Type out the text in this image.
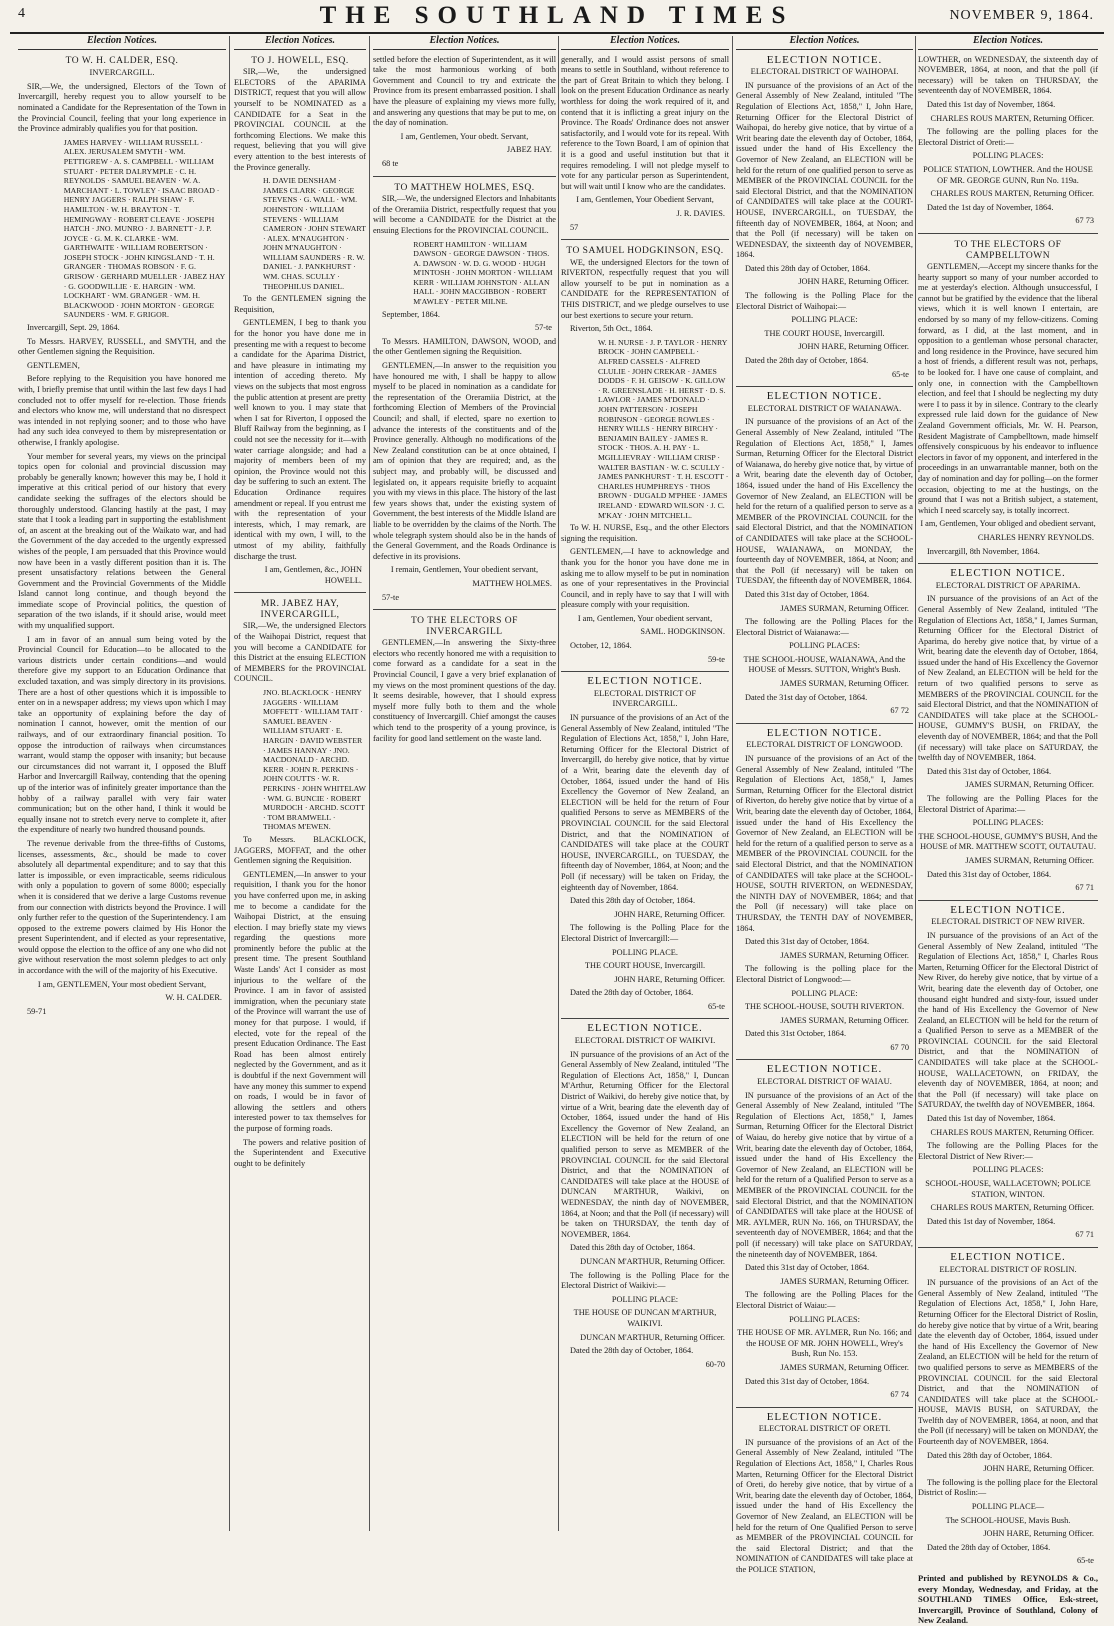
4	THE SOUTHLAND TIMES	NOVEMBER 9, 1864.
Election Notices.
TO W. H. CALDER, ESQ.
INVERCARGILL.
SIR,—We, the undersigned, Electors of the Town of Invercargill, hereby request you to allow yourself to be nominated a Candidate for the Representation of the Town in the Provincial Council, feeling that your long experience in the Province admirably qualifies you for that position.
JAMES HARVEY · WILLIAM RUSSELL · ALEX. JERUSALEM SMYTH · WM. PETTIGREW · A. S. CAMPBELL · WILLIAM STUART · PETER DALRYMPLE · C. H. REYNOLDS · SAMUEL BEAVEN · W. A. MARCHANT · L. TOWLEY · ISAAC BROAD · HENRY JAGGERS · RALPH SHAW · F. HAMILTON · W. H. BRAYTON · T. HEMINGWAY · ROBERT CLEAVE · JOSEPH HATCH · JNO. MUNRO · J. BARNETT · J. P. JOYCE · G. M. K. CLARKE · WM. GARTHWAITE · WILLIAM ROBERTSON · JOSEPH STOCK · JOHN KINGSLAND · T. H. GRANGER · THOMAS ROBSON · F. G. GRISOW · GERHARD MUELLER · JABEZ HAY · G. GOODWILLIE · E. HARGIN · WM. LOCKHART · WM. GRANGER · WM. H. BLACKWOOD · JOHN MORTON · GEORGE SAUNDERS · WM. F. GRIGOR.
Invercargill, Sept. 29, 1864.
To Messrs. HARVEY, RUSSELL, and SMYTH, and the other Gentlemen signing the Requisition.
GENTLEMEN,
Before replying to the Requisition you have honored me with, I briefly premise that until within the last few days I had concluded not to offer myself for re-election. Those friends and electors who know me, will understand that no disrespect was intended in not replying sooner; and to those who have had any such idea conveyed to them by misrepresentation or otherwise, I frankly apologise.
Your member for several years, my views on the principal topics open for colonial and provincial discussion may probably be generally known; however this may be, I hold it imperative at this critical period of our history that every candidate seeking the suffrages of the electors should be thoroughly understood. Glancing hastily at the past, I may state that I took a leading part in supporting the establishment of, an ascent at the breaking out of the Waikato war, and had the Government of the day acceded to the urgently expressed wishes of the people, I am persuaded that this Province would now have been in a vastly different position than it is. The present unsatisfactory relations between the General Government and the Provincial Governments of the Middle Island cannot long continue, and though beyond the immediate scope of Provincial politics, the question of separation of the two islands, if it should arise, would meet with my unqualified support.
I am in favor of an annual sum being voted by the Provincial Council for Education—to be allocated to the various districts under certain conditions—and would therefore give my support to an Education Ordinance that excluded taxation, and was simply directory in its provisions. There are a host of other questions which it is impossible to enter on in a newspaper address; my views upon which I may take an opportunity of explaining before the day of nomination I cannot, however, omit the mention of our railways, and of our extraordinary financial position. To oppose the introduction of railways when circumstances warrant, would stamp the opposer with insanity; but because our circumstances did not warrant it, I opposed the Bluff Harbor and Invercargill Railway, contending that the opening up of the interior was of infinitely greater importance than the hobby of a railway parallel with very fair water communication; but on the other hand, I think it would be equally insane not to stretch every nerve to complete it, after the expenditure of nearly two hundred thousand pounds.
The revenue derivable from the three-fifths of Customs, licenses, assessments, &c., should be made to cover absolutely all departmental expenditure; and to say that this latter is impossible, or even impracticable, seems ridiculous with only a population to govern of some 8000; especially when it is considered that we derive a large Customs revenue from our connection with districts beyond the Province. I will only further refer to the question of the Superintendency. I am opposed to the extreme powers claimed by His Honor the present Superintendent, and if elected as your representative, would oppose the election to the office of any one who did not give without reservation the most solemn pledges to act only in accordance with the will of the majority of his Executive.
I am, GENTLEMEN, Your most obedient Servant,
W. H. CALDER.
59-71
Election Notices.
TO J. HOWELL, ESQ.
SIR,—We, the undersigned ELECTORS of the APARIMA DISTRICT, request that you will allow yourself to be NOMINATED as a CANDIDATE for a Seat in the PROVINCIAL COUNCIL at the forthcoming Elections. We make this request, believing that you will give every attention to the best interests of the Province generally.
H. DAVIE DENSHAM · JAMES CLARK · GEORGE STEVENS · G. WALL · WM. JOHNSTON · WILLIAM STEVENS · WILLIAM CAMERON · JOHN STEWART · ALEX. M'NAUGHTON · JOHN M'NAUGHTON · WILLIAM SAUNDERS · R. W. DANIEL · J. PANKHURST · WM. CHAS. SCULLY · THEOPHILUS DANIEL.
To the GENTLEMEN signing the Requisition,
GENTLEMEN, I beg to thank you for the honor you have done me in presenting me with a request to become a candidate for the Aparima District, and have pleasure in intimating my intention of acceding thereto. My views on the subjects that most engross the public attention at present are pretty well known to you. I may state that when I sat for Riverton, I opposed the Bluff Railway from the beginning, as I could not see the necessity for it—with water carriage alongside; and had a majority of members been of my opinion, the Province would not this day be suffering to such an extent. The Education Ordinance requires amendment or repeal. If you entrust me with the representation of your interests, which, I may remark, are identical with my own, I will, to the utmost of my ability, faithfully discharge the trust.
I am, Gentlemen, &c., JOHN HOWELL.
MR. JABEZ HAY, INVERCARGILL,
SIR,—We, the undersigned Electors of the Waihopai District, request that you will become a CANDIDATE for this District at the ensuing ELECTION of MEMBERS for the PROVINCIAL COUNCIL.
JNO. BLACKLOCK · HENRY JAGGERS · WILLIAM MOFFETT · WILLIAM TAIT · SAMUEL BEAVEN · WILLIAM STUART · E. HARGIN · DAVID WEBSTER · JAMES HANNAY · JNO. MACDONALD · ARCHD. KERR · JOHN R. PERKINS · JOHN COUTTS · W. R. PERKINS · JOHN WHITELAW · WM. G. BUNCIE · ROBERT MURDOCH · ARCHD. SCOTT · TOM BRAMWELL · THOMAS M'EWEN.
To Messrs. BLACKLOCK, JAGGERS, MOFFAT, and the other Gentlemen signing the Requisition.
GENTLEMEN,—In answer to your requisition, I thank you for the honor you have conferred upon me, in asking me to become a candidate for the Waihopai District, at the ensuing election. I may briefly state my views regarding the questions more prominently before the public at the present time. The present Southland Waste Lands' Act I consider as most injurious to the welfare of the Province. I am in favor of assisted immigration, when the pecuniary state of the Province will warrant the use of money for that purpose. I would, if elected, vote for the repeal of the present Education Ordinance. The East Road has been almost entirely neglected by the Government, and as it is doubtful if the next Government will have any money this summer to expend on roads, I would be in favor of allowing the settlers and others interested power to tax themselves for the purpose of forming roads.
The powers and relative position of the Superintendent and Executive ought to be definitely
Election Notices.
settled before the election of Superintendent, as it will take the most harmonious working of both Government and Council to try and extricate the Province from its present embarrassed position. I shall have the pleasure of explaining my views more fully, and answering any questions that may be put to me, on the day of nomination.
I am, Gentlemen, Your obedt. Servant,
JABEZ HAY.
68 te
TO MATTHEW HOLMES, ESQ.
SIR,—We, the undersigned Electors and Inhabitants of the Oreramiia District, respectfully request that you will become a CANDIDATE for the District at the ensuing Elections for the PROVINCIAL COUNCIL.
ROBERT HAMILTON · WILLIAM DAWSON · GEORGE DAWSON · THOS. A. DAWSON · W. D. G. WOOD · HUGH M'INTOSH · JOHN MORTON · WILLIAM KERR · WILLIAM JOHNSTON · ALLAN HALL · JOHN MACGIBBON · ROBERT M'AWLEY · PETER MILNE.
September, 1864.
57-te
To Messrs. HAMILTON, DAWSON, WOOD, and the other Gentlemen signing the Requisition.
GENTLEMEN,—In answer to the requisition you have honoured me with, I shall be happy to allow myself to be placed in nomination as a candidate for the representation of the Oreramiia District, at the forthcoming Election of Members of the Provincial Council; and shall, if elected, spare no exertion to advance the interests of the constituents and of the Province generally. Although no modifications of the New Zealand constitution can be at once obtained, I am of opinion that they are required; and, as the subject may, and probably will, be discussed and legislated on, it appears requisite briefly to acquaint you with my views in this place. The history of the last few years shows that, under the existing system of Government, the best interests of the Middle Island are liable to be overridden by the claims of the North. The whole telegraph system should also be in the hands of the General Government, and the Roads Ordinance is defective in its provisions.
I remain, Gentlemen, Your obedient servant,
MATTHEW HOLMES.
57-te
TO THE ELECTORS OF INVERCARGILL
GENTLEMEN,—In answering the Sixty-three electors who recently honored me with a requisition to come forward as a candidate for a seat in the Provincial Council, I gave a very brief explanation of my views on the most prominent questions of the day. It seems desirable, however, that I should express myself more fully both to them and the whole constituency of Invercargill. Chief amongst the causes which tend to the prosperity of a young province, is facility for good land settlement on the waste land.
Election Notices.
generally, and I would assist persons of small means to settle in Southland, without reference to the part of Great Britain to which they belong. I look on the present Education Ordinance as nearly worthless for doing the work required of it, and contend that it is inflicting a great injury on the Province. The Roads' Ordinance does not answer satisfactorily, and I would vote for its repeal. With reference to the Town Board, I am of opinion that it is a good and useful institution but that it requires remodeling. I will not pledge myself to vote for any particular person as Superintendent, but will wait until I know who are the candidates.
I am, Gentlemen, Your Obedient Servant,
J. R. DAVIES.
57
TO SAMUEL HODGKINSON, ESQ.
WE, the undersigned Electors for the town of RIVERTON, respectfully request that you will allow yourself to be put in nomination as a CANDIDATE for the REPRESENTATION of THIS DISTRICT, and we pledge ourselves to use our best exertions to secure your return.
Riverton, 5th Oct., 1864.
W. H. NURSE · J. P. TAYLOR · HENRY BROCK · JOHN CAMPBELL · ALFRED CASSELS · ALFRED CLULIE · JOHN CREKAR · JAMES DODDS · F. H. GEISOW · K. GILLOW · R. GREENSLADE · H. HERST · D. S. LAWLOR · JAMES M'DONALD · JOHN PATTERSON · JOSEPH ROBINSON · GEORGE ROWLES · HENRY WILLS · HENRY BIRCHY · BENJAMIN BAILEY · JAMES R. STOCK · THOS. A. H. PAY · L. MGILLIEVRAY · WILLIAM CRISP · WALTER BASTIAN · W. C. SCULLY · JAMES PANKHURST · T. H. ESCOTT · CHARLES HUMPHREYS · THOS BROWN · DUGALD M'PHEE · JAMES IRELAND · EDWARD WILSON · J. C. M'KAY · JOHN MITCHELL.
To W. H. NURSE, Esq., and the other Electors signing the requisition.
GENTLEMEN,—I have to acknowledge and thank you for the honor you have done me in asking me to allow myself to be put in nomination as one of your representatives in the Provincial Council, and in reply have to say that I will with pleasure comply with your requisition.
I am, Gentlemen, Your obedient servant,
SAML. HODGKINSON.
October, 12, 1864.
59-te
ELECTION NOTICE.
ELECTORAL DISTRICT OF INVERCARGILL.
IN pursuance of the provisions of an Act of the General Assembly of New Zealand, intituled "The Regulation of Elections Act, 1858," I, John Hare, Returning Officer for the Electoral District of Invercargill, do hereby give notice, that by virtue of a Writ, bearing date the eleventh day of October, 1864, issued under the hand of His Excellency the Governor of New Zealand, an ELECTION will be held for the return of Four qualified Persons to serve as MEMBERS of the PROVINCIAL COUNCIL for the said Electoral District, and that the NOMINATION of CANDIDATES will take place at the COURT HOUSE, INVERCARGILL, on TUESDAY, the fifteenth day of November, 1864, at Noon; and the Poll (if necessary) will be taken on Friday, the eighteenth day of November, 1864.
Dated this 28th day of October, 1864.
JOHN HARE, Returning Officer.
The following is the Polling Place for the Electoral District of Invercargill:—
POLLING PLACE.
THE COURT HOUSE, Invercargill.
JOHN HARE, Returning Officer.
Dated the 28th day of October, 1864.
65-te
ELECTION NOTICE.
ELECTORAL DISTRICT OF WAIKIVI.
IN pursuance of the provisions of an Act of the General Assembly of New Zealand, intituled "The Regulation of Elections Act, 1858," I, Duncan M'Arthur, Returning Officer for the Electoral District of Waikivi, do hereby give notice that, by virtue of a Writ, bearing date the eleventh day of October, 1864, issued under the hand of His Excellency the Governor of New Zealand, an ELECTION will be held for the return of one qualified person to serve as MEMBER of the PROVINCIAL COUNCIL for the said Electoral District, and that the NOMINATION of CANDIDATES will take place at the HOUSE of DUNCAN M'ARTHUR, Waikivi, on WEDNESDAY, the ninth day of NOVEMBER, 1864, at Noon; and that the Poll (if necessary) will be taken on THURSDAY, the tenth day of NOVEMBER, 1864.
Dated this 28th day of October, 1864.
DUNCAN M'ARTHUR, Returning Officer.
The following is the Polling Place for the Electoral District of Waikivi:—
POLLING PLACE:
THE HOUSE OF DUNCAN M'ARTHUR, WAIKIVI.
DUNCAN M'ARTHUR, Returning Officer.
Dated the 28th day of October, 1864.
60-70
Election Notices.
ELECTION NOTICE.
ELECTORAL DISTRICT OF WAIHOPAI.
IN pursuance of the provisions of an Act of the General Assembly of New Zealand, intituled "The Regulation of Elections Act, 1858," I, John Hare, Returning Officer for the Electoral District of Waihopai, do hereby give notice, that by virtue of a Writ bearing date the eleventh day of October, 1864, issued under the hand of His Excellency the Governor of New Zealand, an ELECTION will be held for the return of one qualified person to serve as MEMBER of the PROVINCIAL COUNCIL for the said Electoral District, and that the NOMINATION of CANDIDATES will take place at the COURT-HOUSE, INVERCARGILL, on TUESDAY, the fifteenth day of NOVEMBER, 1864, at Noon; and that the Poll (if necessary) will be taken on WEDNESDAY, the sixteenth day of NOVEMBER, 1864.
Dated this 28th day of October, 1864.
JOHN HARE, Returning Officer.
The following is the Polling Place for the Electoral District of Waihopai:—
POLLING PLACE:
THE COURT HOUSE, Invercargill.
JOHN HARE, Returning Officer.
Dated the 28th day of October, 1864.
65-te
ELECTION NOTICE.
ELECTORAL DISTRICT OF WAIANAWA.
IN pursuance of the provisions of an Act of the General Assembly of New Zealand, intituled "The Regulation of Elections Act, 1858," I, James Surman, Returning Officer for the Electoral District of Waianawa, do hereby give notice that, by virtue of a Writ, bearing date the eleventh day of October, 1864, issued under the hand of His Excellency the Governor of New Zealand, an ELECTION will be held for the return of a qualified person to serve as a MEMBER of the PROVINCIAL COUNCIL for the said Electoral District, and that the NOMINATION of CANDIDATES will take place at the SCHOOL-HOUSE, WAIANAWA, on MONDAY, the fourteenth day of NOVEMBER, 1864, at Noon; and that the Poll (if necessary) will be taken on TUESDAY, the fifteenth day of NOVEMBER, 1864.
Dated this 31st day of October, 1864.
JAMES SURMAN, Returning Officer.
The following are the Polling Places for the Electoral District of Waianawa:—
POLLING PLACES:
THE SCHOOL-HOUSE, WAIANAWA, And the HOUSE of Messrs. SUTTON, Wright's Bush.
JAMES SURMAN, Returning Officer.
Dated the 31st day of October, 1864.
67 72
ELECTION NOTICE.
ELECTORAL DISTRICT OF LONGWOOD.
IN pursuance of the provisions of an Act of the General Assembly of New Zealand, intituled "The Regulation of Elections Act, 1858," I, James Surman, Returning Officer for the Electoral district of Riverton, do hereby give notice that by virtue of a Writ, bearing date the eleventh day of October, 1864, issued under the hand of His Excellency the Governor of New Zealand, an ELECTION will be held for the return of a qualified person to serve as a MEMBER of the PROVINCIAL COUNCIL for the said Electoral District, and that the NOMINATION of CANDIDATES will take place at the SCHOOL-HOUSE, SOUTH RIVERTON, on WEDNESDAY, the NINTH DAY of NOVEMBER, 1864; and that the Poll (if necessary) will take place on THURSDAY, the TENTH DAY of NOVEMBER, 1864.
Dated this 31st day of October, 1864.
JAMES SURMAN, Returning Officer.
The following is the polling place for the Electoral District of Longwood:—
POLLING PLACE:
THE SCHOOL-HOUSE, SOUTH RIVERTON.
JAMES SURMAN, Returning Officer.
Dated this 31st October, 1864.
67 70
ELECTION NOTICE.
ELECTORAL DISTRICT OF WAIAU.
IN pursuance of the provisions of an Act of the General Assembly of New Zealand, intituled "The Regulation of Elections Act, 1858," I, James Surman, Returning Officer for the Electoral District of Waiau, do hereby give notice that by virtue of a Writ, bearing date the eleventh day of October, 1864, issued under the hand of His Excellency the Governor of New Zealand, an ELECTION will be held for the return of a Qualified Person to serve as a MEMBER of the PROVINCIAL COUNCIL for the said Electoral District, and that the NOMINATION of CANDIDATES will take place at the HOUSE of MR. AYLMER, RUN No. 166, on THURSDAY, the seventeenth day of NOVEMBER, 1864; and that the poll (if necessary) will take place on SATURDAY, the nineteenth day of NOVEMBER, 1864.
Dated this 31st day of October, 1864.
JAMES SURMAN, Returning Officer.
The following are the Polling Places for the Electoral District of Waiau:—
POLLING PLACES:
THE HOUSE OF MR. AYLMER, Run No. 166; and the HOUSE OF MR. JOHN HOWELL, Wrey's Bush, Run No. 153.
JAMES SURMAN, Returning Officer.
Dated this 31st day of October, 1864.
67 74
ELECTION NOTICE.
ELECTORAL DISTRICT OF ORETI.
IN pursuance of the provisions of an Act of the General Assembly of New Zealand, intituled "The Regulation of Elections Act, 1858," I, Charles Rous Marten, Returning Officer for the Electoral District of Oreti, do hereby give notice, that by virtue of a Writ, bearing date the eleventh day of October, 1864, issued under the hand of His Excellency the Governor of New Zealand, an ELECTION will be held for the return of One Qualified Person to serve as MEMBER of the PROVINCIAL COUNCIL for the said Electoral District; and that the NOMINATION of CANDIDATES will take place at the POLICE STATION,
Election Notices.
LOWTHER, on WEDNESDAY, the sixteenth day of NOVEMBER, 1864, at noon, and that the poll (if necessary) will be taken on THURSDAY, the seventeenth day of NOVEMBER, 1864.
Dated this 1st day of November, 1864.
CHARLES ROUS MARTEN, Returning Officer.
The following are the polling places for the Electoral District of Oreti:—
POLLING PLACES:
POLICE STATION, LOWTHER. And the HOUSE OF MR. GEORGE GUNN, Run No. 119a.
CHARLES ROUS MARTEN, Returning Officer.
Dated the 1st day of November, 1864.
67 73
TO THE ELECTORS OF CAMPBELLTOWN
GENTLEMEN,—Accept my sincere thanks for the hearty support so many of your number accorded to me at yesterday's election. Although unsuccessful, I cannot but be gratified by the evidence that the liberal views, which it is well known I entertain, are endorsed by so many of my fellow-citizens. Coming forward, as I did, at the last moment, and in opposition to a gentleman whose personal character, and long residence in the Province, have secured him a host of friends, a different result was not, perhaps, to be looked for. I have one cause of complaint, and only one, in connection with the Campbelltown election, and feel that I should be neglecting my duty were I to pass it by in silence. Contrary to the clearly expressed rule laid down for the guidance of New Zealand Government officials, Mr. W. H. Pearson, Resident Magistrate of Campbelltown, made himself offensively conspicuous by his endeavor to influence electors in favor of my opponent, and interfered in the proceedings in an unwarrantable manner, both on the day of nomination and day for polling—on the former occasion, objecting to me at the hustings, on the ground that I was not a British subject, a statement, which I need scarcely say, is totally incorrect.
I am, Gentlemen, Your obliged and obedient servant,
CHARLES HENRY REYNOLDS.
Invercargill, 8th November, 1864.
ELECTION NOTICE.
ELECTORAL DISTRICT OF APARIMA.
IN pursuance of the provisions of an Act of the General Assembly of New Zealand, intituled "The Regulation of Elections Act, 1858," I, James Surman, Returning Officer for the Electoral District of Aparima, do hereby give notice that, by virtue of a Writ, bearing date the eleventh day of October, 1864, issued under the hand of His Excellency the Governor of New Zealand, an ELECTION will be held for the return of two qualified persons to serve as MEMBERS of the PROVINCIAL COUNCIL for the said Electoral District, and that the NOMINATION of CANDIDATES will take place at the SCHOOL-HOUSE, GUMMY'S BUSH, on FRIDAY, the eleventh day of NOVEMBER, 1864; and that the Poll (if necessary) will take place on SATURDAY, the twelfth day of NOVEMBER, 1864.
Dated this 31st day of October, 1864.
JAMES SURMAN, Returning Officer.
The following are the Polling Places for the Electoral District of Aparima:—
POLLING PLACES:
THE SCHOOL-HOUSE, GUMMY'S BUSH, And the HOUSE of MR. MATTHEW SCOTT, OUTAUTAU.
JAMES SURMAN, Returning Officer.
Dated this 31st day of October, 1864.
67 71
ELECTION NOTICE.
ELECTORAL DISTRICT OF NEW RIVER.
IN pursuance of the provisions of an Act of the General Assembly of New Zealand, intituled "The Regulation of Elections Act, 1858," I, Charles Rous Marten, Returning Officer for the Electoral District of New River, do hereby give notice, that by virtue of a Writ, bearing date the eleventh day of October, one thousand eight hundred and sixty-four, issued under the hand of His Excellency the Governor of New Zealand, an ELECTION will be held for the return of a Qualified Person to serve as a MEMBER of the PROVINCIAL COUNCIL for the said Electoral District, and that the NOMINATION of CANDIDATES will take place at the SCHOOL-HOUSE, WALLACETOWN, on FRIDAY, the eleventh day of NOVEMBER, 1864, at noon; and that the Poll (if necessary) will take place on SATURDAY, the twelfth day of NOVEMBER, 1864.
Dated this 1st day of November, 1864.
CHARLES ROUS MARTEN, Returning Officer.
The following are the Polling Places for the Electoral District of New River:—
POLLING PLACES:
SCHOOL-HOUSE, WALLACETOWN; POLICE STATION, WINTON.
CHARLES ROUS MARTEN, Returning Officer.
Dated this 1st day of November, 1864.
67 71
ELECTION NOTICE.
ELECTORAL DISTRICT OF ROSLIN.
IN pursuance of the provisions of an Act of the General Assembly of New Zealand, intituled "The Regulation of Elections Act, 1858," I, John Hare, Returning Officer for the Electoral District of Roslin, do hereby give notice that by virtue of a Writ, bearing date the eleventh day of October, 1864, issued under the hand of His Excellency the Governor of New Zealand, an ELECTION will be held for the return of two qualified persons to serve as MEMBERS of the PROVINCIAL COUNCIL for the said Electoral District, and that the NOMINATION of CANDIDATES will take place at the SCHOOL-HOUSE, MAVIS BUSH, on SATURDAY, the Twelfth day of NOVEMBER, 1864, at noon, and that the Poll (if necessary) will be taken on MONDAY, the Fourteenth day of NOVEMBER, 1864.
Dated this 28th day of October, 1864.
JOHN HARE, Returning Officer.
The following is the polling place for the Electoral District of Roslin:—
POLLING PLACE—
The SCHOOL-HOUSE, Mavis Bush.
JOHN HARE, Returning Officer.
Dated the 28th day of October, 1864.
65-te
Printed and published by REYNOLDS & Co., every Monday, Wednesday, and Friday, at the SOUTHLAND TIMES Office, Esk-street, Invercargill, Province of Southland, Colony of New Zealand.
